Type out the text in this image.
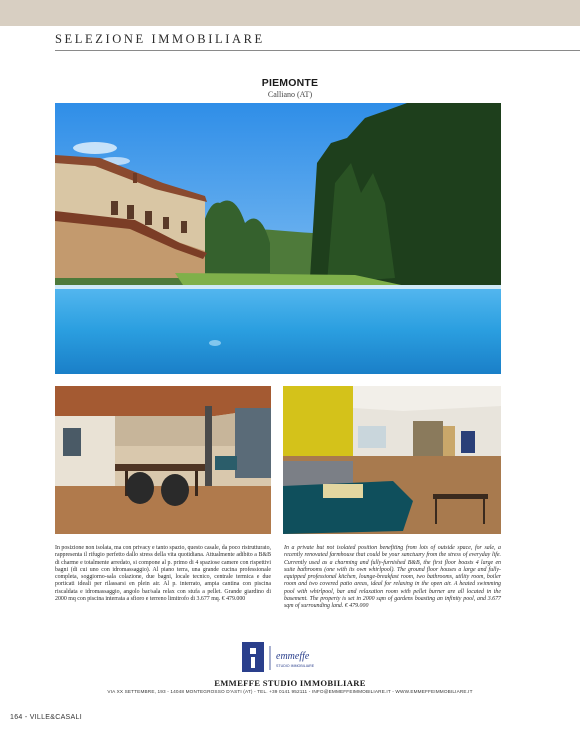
SELEZIONE IMMOBILIARE
PIEMONTE
Calliano (AT)
In posizione non isolata, ma con privacy e tanto spazio, questo casale, da poco ristrutturato, rappresenta il rifugio perfetto dallo stress della vita quotidiana. Attualmente adibito a B&B di charme e totalmente arredato, si compone al p. primo di 4 spaziose camere con rispettivi bagni (di cui uno con idromassaggio). Al piano terra, una grande cucina professionale completa, soggiorno-sala colazione, due bagni, locale tecnico, centrale termica e due porticati ideali per rilassarsi en plein air. Al p. interrato, ampia cantina con piscina riscaldata e idromassaggio, angolo bar/sala relax con stufa a pellet. Grande giardino di 2000 mq con piscina interrata a sfioro e terreno limitrofo di 3.677 mq. € 479.000
In a private but not isolated position benefiting from lots of outside space, for sale, a recently renovated farmhouse that could be your sanctuary from the stress of everyday life. Currently used as a charming and fully-furnished B&B, the first floor boasts 4 large en suite bathrooms (one with its own whirlpool). The ground floor houses a large and fully-equipped professional kitchen, lounge-breakfast room, two bathrooms, utility room, boiler room and two covered patio areas, ideal for relaxing in the open air. A heated swimming pool with whirlpool, bar and relaxation room with pellet burner are all located in the basement. The property is set in 2000 sqm of gardens boasting an infinity pool, and 3.677 sqm of surrounding land. € 479.000
emmeffe
STUDIO IMMOBILIARE
EMMEFFE STUDIO IMMOBILIARE
VIA XX SETTEMBRE, 193 - 14048 MONTEGROSSO D'ASTI (AT) - TEL. +39 0141 952111 - INFO@EMMEFFEIMMOBILIARE.IT - WWW.EMMEFFEIMMOBILIARE.IT
164 - VILLE&CASALI
